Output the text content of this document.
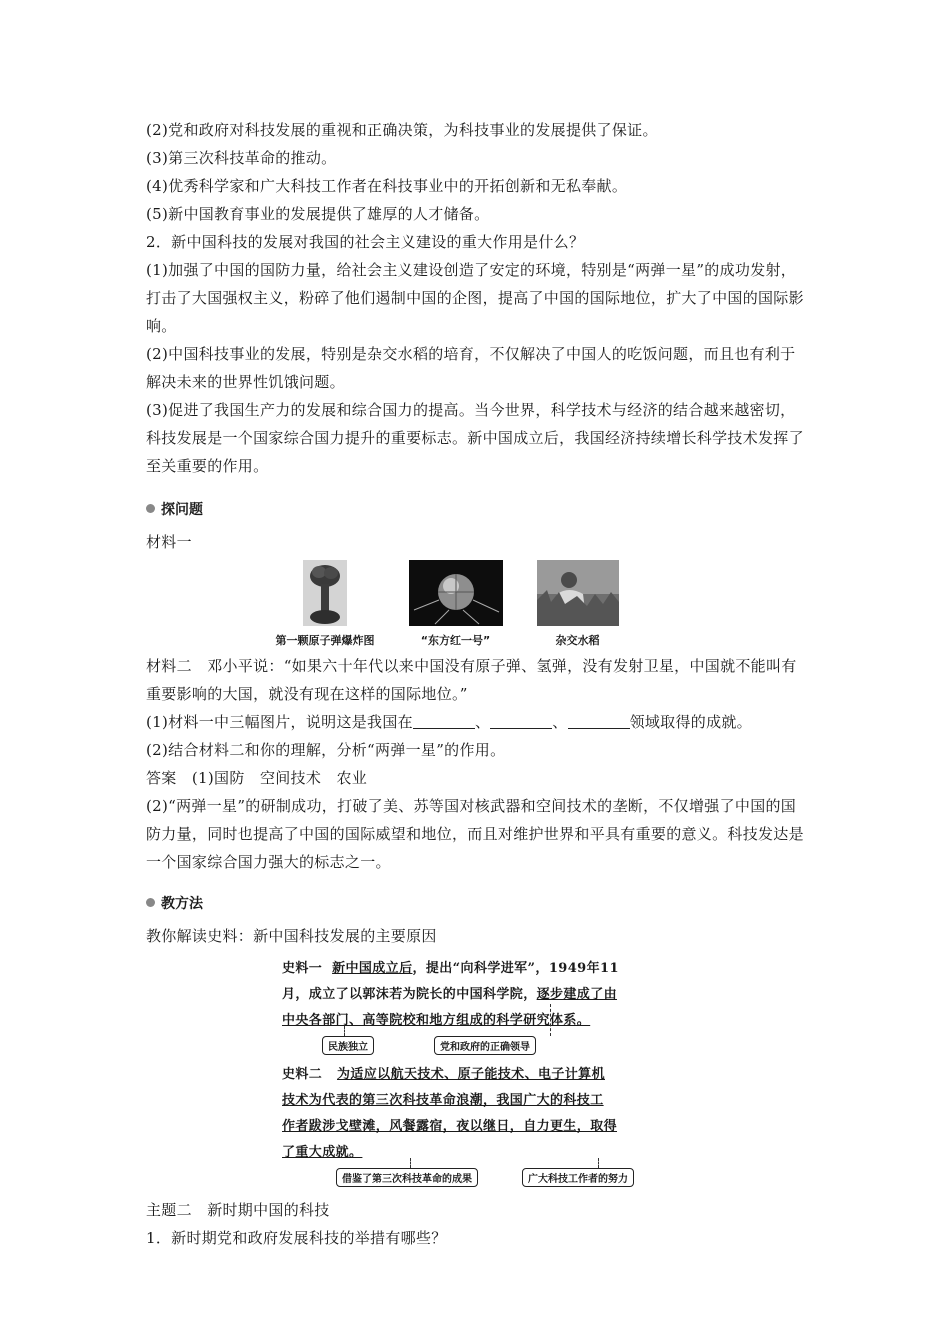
(2)党和政府对科技发展的重视和正确决策，为科技事业的发展提供了保证。

(3)第三次科技革命的推动。

(4)优秀科学家和广大科技工作者在科技事业中的开拓创新和无私奉献。

(5)新中国教育事业的发展提供了雄厚的人才储备。

2．新中国科技的发展对我国的社会主义建设的重大作用是什么？

(1)加强了中国的国防力量，给社会主义建设创造了安定的环境，特别是“两弹一星”的成功发射，打击了大国强权主义，粉碎了他们遏制中国的企图，提高了中国的国际地位，扩大了中国的国际影响。

(2)中国科技事业的发展，特别是杂交水稻的培育，不仅解决了中国人的吃饭问题，而且也有利于解决未来的世界性饥饿问题。

(3)促进了我国生产力的发展和综合国力的提高。当今世界，科学技术与经济的结合越来越密切，科技发展是一个国家综合国力提升的重要标志。新中国成立后，我国经济持续增长科学技术发挥了至关重要的作用。

探问题

材料一

第一颗原子弹爆炸图	“东方红一号”	杂交水稻

材料二　邓小平说：“如果六十年代以来中国没有原子弹、氢弹，没有发射卫星，中国就不能叫有重要影响的大国，就没有现在这样的国际地位。”

(1)材料一中三幅图片，说明这是我国在	、	、	领域取得的成就。

(2)结合材料二和你的理解，分析“两弹一星”的作用。

答案　(1)国防　空间技术　农业

(2)“两弹一星”的研制成功，打破了美、苏等国对核武器和空间技术的垄断，不仅增强了中国的国防力量，同时也提高了中国的国际威望和地位，而且对维护世界和平具有重要的意义。科技发达是一个国家综合国力强大的标志之一。

教方法

教你解读史料：新中国科技发展的主要原因

史料一 新中国成立后，提出“向科学进军”，1949年11
月，成立了以郭沫若为院长的中国科学院，逐步建成了由
中央各部门、高等院校和地方组成的科学研究体系。
民族独立	党和政府的正确领导
史料二 为适应以航天技术、原子能技术、电子计算机
技术为代表的第三次科技革命浪潮，我国广大的科技工
作者跋涉戈壁滩，风餐露宿，夜以继日，自力更生，取得
了重大成就。
借鉴了第三次科技革命的成果	广大科技工作者的努力

主题二　新时期中国的科技

1．新时期党和政府发展科技的举措有哪些？
